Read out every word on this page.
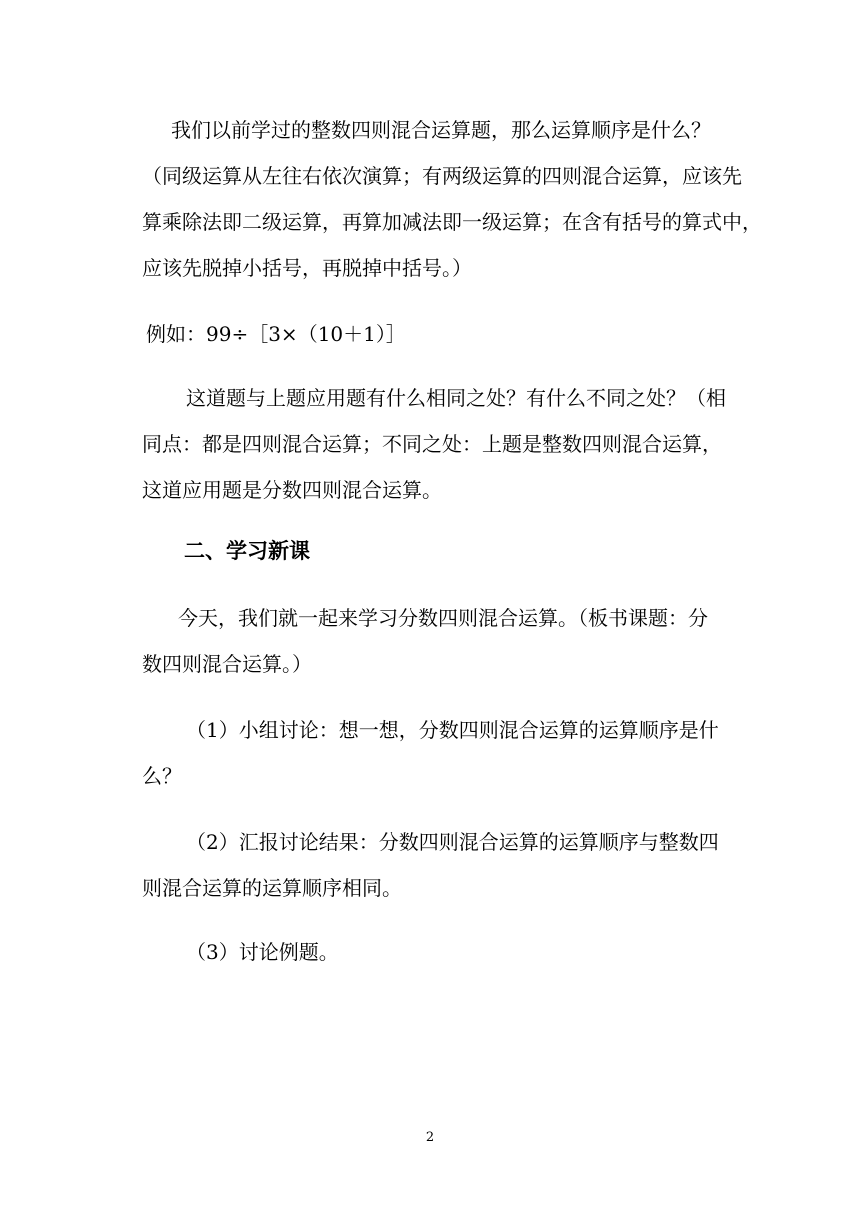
我们以前学过的整数四则混合运算题，那么运算顺序是什么？

（同级运算从左往右依次演算；有两级运算的四则混合运算，应该先

算乘除法即二级运算，再算加减法即一级运算；在含有括号的算式中，

应该先脱掉小括号，再脱掉中括号。）

例如：99÷［3×（10＋1）］

这道题与上题应用题有什么相同之处？有什么不同之处？（相

同点：都是四则混合运算；不同之处：上题是整数四则混合运算，

这道应用题是分数四则混合运算。

二、学习新课

今天，我们就一起来学习分数四则混合运算。（板书课题：分

数四则混合运算。）

（1）小组讨论：想一想，分数四则混合运算的运算顺序是什

么？

（2）汇报讨论结果：分数四则混合运算的运算顺序与整数四

则混合运算的运算顺序相同。

（3）讨论例题。

2
